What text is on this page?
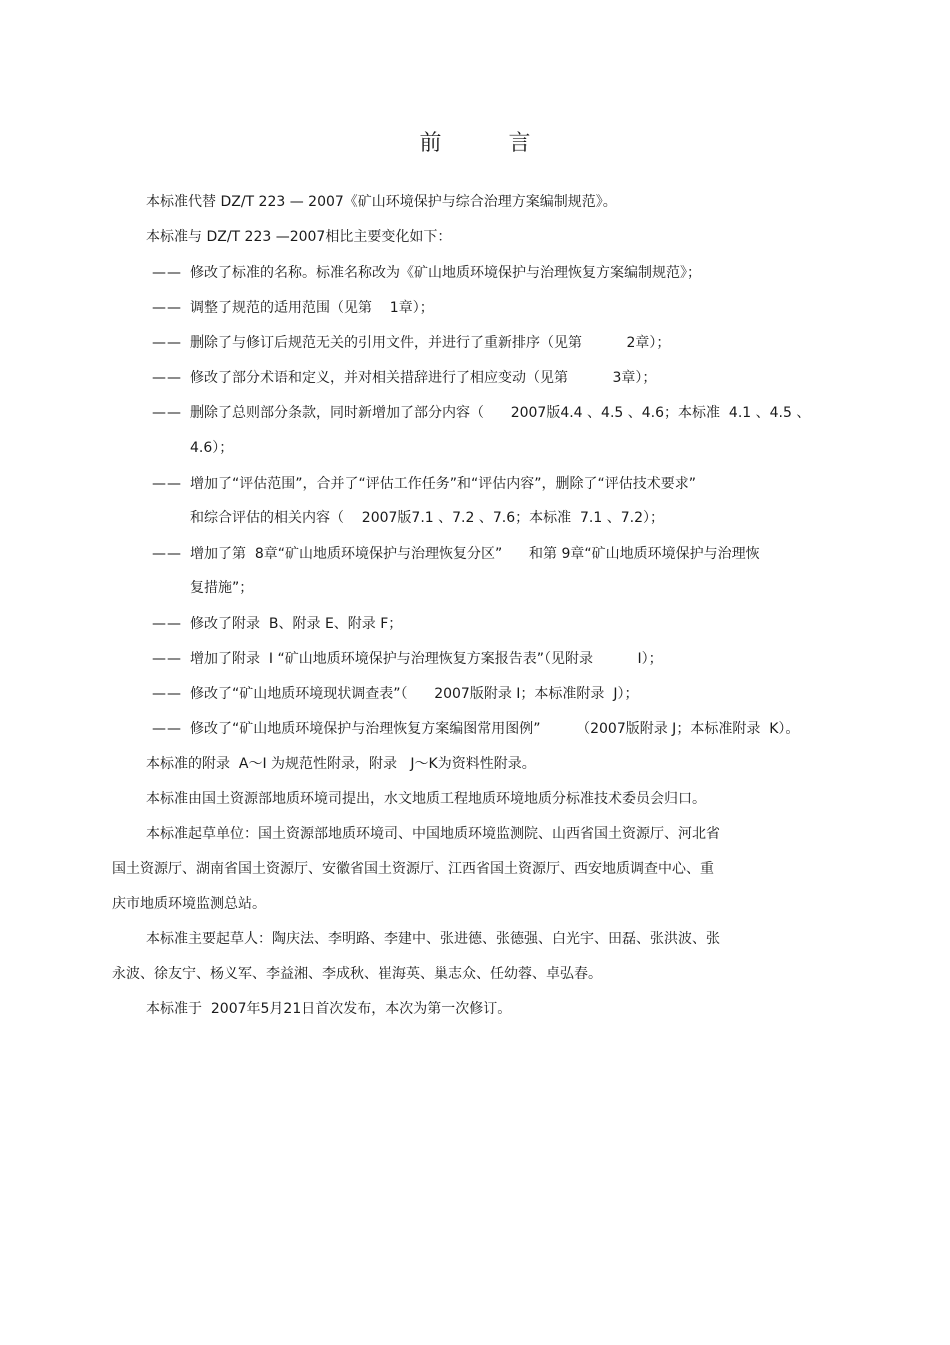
前 言
本标准代替 DZ/T 223 — 2007《矿山环境保护与综合治理方案编制规范》。
本标准与 DZ/T 223 —2007相比主要变化如下：
—— 修改了标准的名称。标准名称改为《矿山地质环境保护与治理恢复方案编制规范》；
—— 调整了规范的适用范围（见第    1章）；
—— 删除了与修订后规范无关的引用文件，并进行了重新排序（见第          2章）；
—— 修改了部分术语和定义，并对相关措辞进行了相应变动（见第          3章）；
—— 删除了总则部分条款，同时新增加了部分内容（      2007版4.4 、4.5 、4.6；本标准  4.1 、4.5 、
4.6）；
—— 增加了“评估范围”，合并了“评估工作任务”和“评估内容”，删除了“评估技术要求”
和综合评估的相关内容（    2007版7.1 、7.2 、7.6；本标准  7.1 、7.2）；
—— 增加了第  8章“矿山地质环境保护与治理恢复分区”      和第 9章“矿山地质环境保护与治理恢
复措施”；
—— 修改了附录  B、附录 E、附录 F；
—— 增加了附录  I “矿山地质环境保护与治理恢复方案报告表”（见附录          I）；
—— 修改了“矿山地质环境现状调查表”（      2007版附录 I；本标准附录  J）；
—— 修改了“矿山地质环境保护与治理恢复方案编图常用图例”        （2007版附录 J；本标准附录  K）。
本标准的附录  A～I 为规范性附录，附录   J～K为资料性附录。
本标准由国土资源部地质环境司提出，水文地质工程地质环境地质分标准技术委员会归口。
本标准起草单位：国土资源部地质环境司、中国地质环境监测院、山西省国土资源厅、河北省
国土资源厅、湖南省国土资源厅、安徽省国土资源厅、江西省国土资源厅、西安地质调查中心、重
庆市地质环境监测总站。
本标准主要起草人：陶庆法、李明路、李建中、张进德、张德强、白光宇、田磊、张洪波、张
永波、徐友宁、杨义军、李益湘、李成秋、崔海英、巢志众、任幼蓉、卓弘春。
本标准于  2007年5月21日首次发布，本次为第一次修订。
